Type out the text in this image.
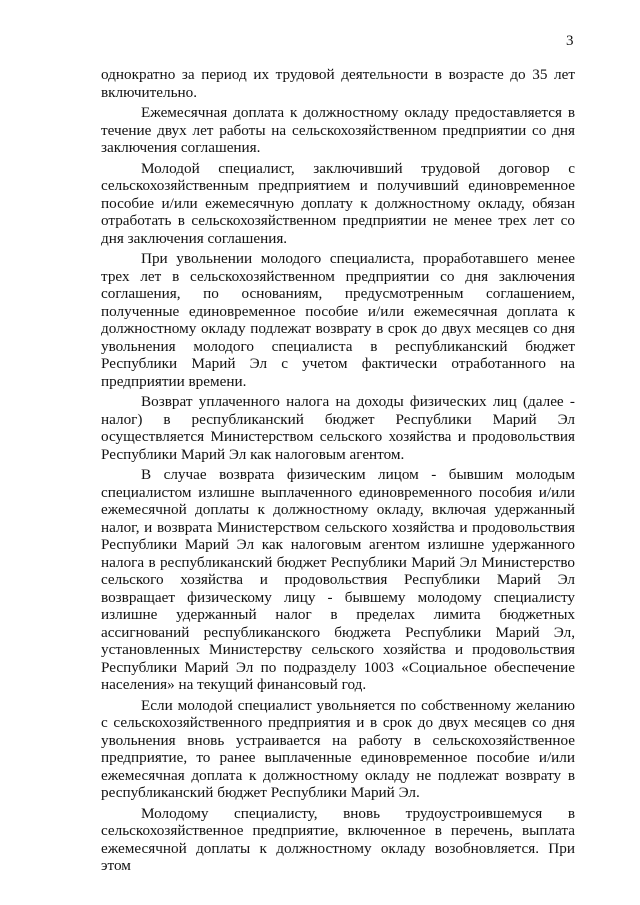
3

однократно за период их трудовой деятельности в возрасте до 35 лет включительно.

Ежемесячная доплата к должностному окладу предоставляется в течение двух лет работы на сельскохозяйственном предприятии со дня заключения соглашения.

Молодой специалист, заключивший трудовой договор с сельскохозяйственным предприятием и получивший единовременное пособие и/или ежемесячную доплату к должностному окладу, обязан отработать в сельскохозяйственном предприятии не менее трех лет со дня заключения соглашения.

При увольнении молодого специалиста, проработавшего менее трех лет в сельскохозяйственном предприятии со дня заключения соглашения, по основаниям, предусмотренным соглашением, полученные единовременное пособие и/или ежемесячная доплата к должностному окладу подлежат возврату в срок до двух месяцев со дня увольнения молодого специалиста в республиканский бюджет Республики Марий Эл с учетом фактически отработанного на предприятии времени.

Возврат уплаченного налога на доходы физических лиц (далее - налог) в республиканский бюджет Республики Марий Эл осуществляется Министерством сельского хозяйства и продовольствия Республики Марий Эл как налоговым агентом.

В случае возврата физическим лицом - бывшим молодым специалистом излишне выплаченного единовременного пособия и/или ежемесячной доплаты к должностному окладу, включая удержанный налог, и возврата Министерством сельского хозяйства и продовольствия Республики Марий Эл как налоговым агентом излишне удержанного налога в республиканский бюджет Республики Марий Эл Министерство сельского хозяйства и продовольствия Республики Марий Эл возвращает физическому лицу - бывшему молодому специалисту излишне удержанный налог в пределах лимита бюджетных ассигнований республиканского бюджета Республики Марий Эл, установленных Министерству сельского хозяйства и продовольствия Республики Марий Эл по подразделу 1003 «Социальное обеспечение населения» на текущий финансовый год.

Если молодой специалист увольняется по собственному желанию с сельскохозяйственного предприятия и в срок до двух месяцев со дня увольнения вновь устраивается на работу в сельскохозяйственное предприятие, то ранее выплаченные единовременное пособие и/или ежемесячная доплата к должностному окладу не подлежат возврату в республиканский бюджет Республики Марий Эл.

Молодому специалисту, вновь трудоустроившемуся в сельскохозяйственное предприятие, включенное в перечень, выплата ежемесячной доплаты к должностному окладу возобновляется. При этом
